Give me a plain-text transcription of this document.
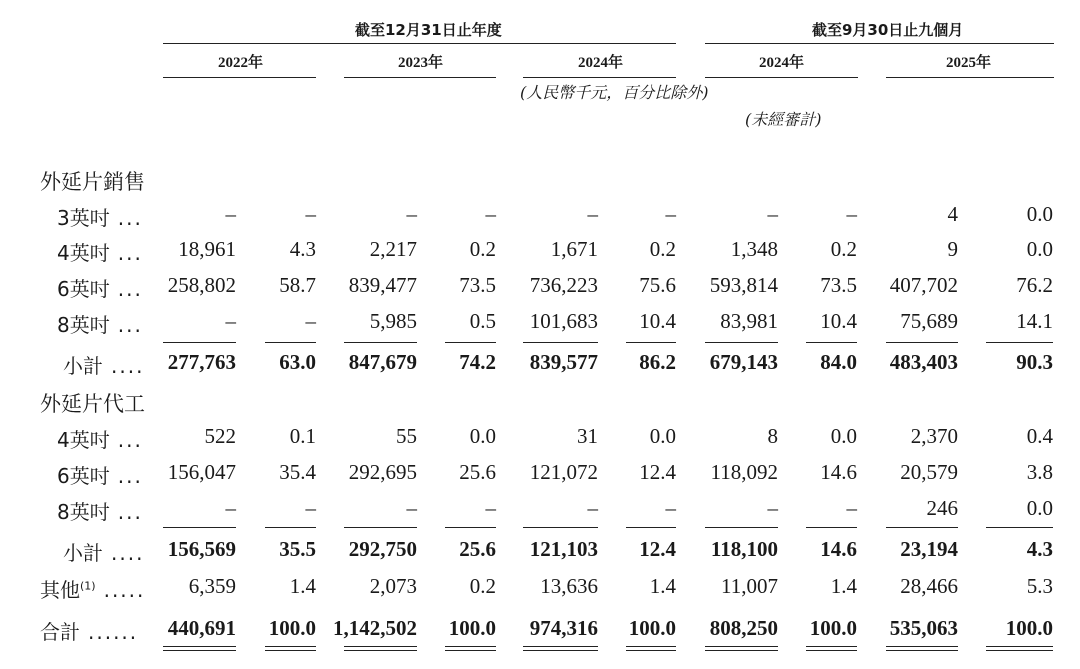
截至12月31日止年度	截至9月30日止九個月
2022年	2023年	2024年	2024年	2025年
(人民幣千元，百分比除外)
(未經審計)
外延片銷售
外延片代工
3英吋 ...	–	–	–	–	–	–	–	–	4	0.0
4英吋 ...	18,961	4.3	2,217	0.2	1,671	0.2	1,348	0.2	9	0.0
6英吋 ...	258,802	58.7	839,477	73.5	736,223	75.6	593,814	73.5	407,702	76.2
8英吋 ...	–	–	5,985	0.5	101,683	10.4	83,981	10.4	75,689	14.1
小計 ....	277,763	63.0	847,679	74.2	839,577	86.2	679,143	84.0	483,403	90.3
4英吋 ...	522	0.1	55	0.0	31	0.0	8	0.0	2,370	0.4
6英吋 ...	156,047	35.4	292,695	25.6	121,072	12.4	118,092	14.6	20,579	3.8
8英吋 ...	–	–	–	–	–	–	–	–	246	0.0
小計 ....	156,569	35.5	292,750	25.6	121,103	12.4	118,100	14.6	23,194	4.3
其他$^{(1)}$ .....	6,359	1.4	2,073	0.2	13,636	1.4	11,007	1.4	28,466	5.3
合計 ......	440,691	100.0 1,142,502	100.0	974,316	100.0	808,250	100.0	535,063	100.0
